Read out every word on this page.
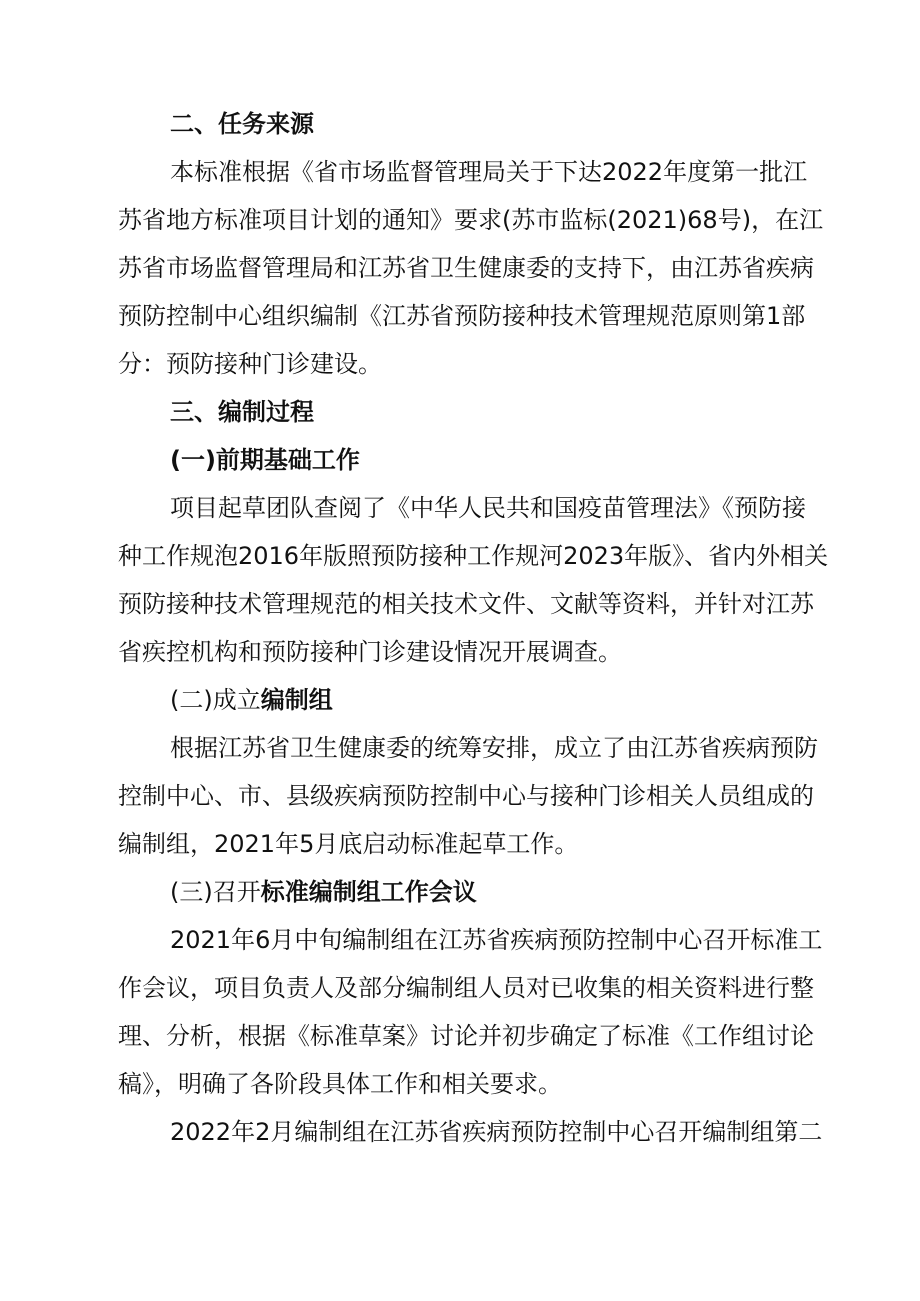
二、任务来源
本标准根据《省市场监督管理局关于下达2022年度第一批江
苏省地方标准项目计划的通知》要求(苏市监标(2021)68号)，在江
苏省市场监督管理局和江苏省卫生健康委的支持下，由江苏省疾病
预防控制中心组织编制《江苏省预防接种技术管理规范原则第1部
分：预防接种门诊建设。
三、编制过程
(一)前期基础工作
项目起草团队查阅了《中华人民共和国疫苗管理法》《预防接
种工作规泡2016年版照预防接种工作规河2023年版》、省内外相关
预防接种技术管理规范的相关技术文件、文献等资料，并针对江苏
省疾控机构和预防接种门诊建设情况开展调查。
(二)成立编制组
根据江苏省卫生健康委的统筹安排，成立了由江苏省疾病预防
控制中心、市、县级疾病预防控制中心与接种门诊相关人员组成的
编制组，2021年5月底启动标准起草工作。
(三)召开标准编制组工作会议
2021年6月中旬编制组在江苏省疾病预防控制中心召开标准工
作会议，项目负责人及部分编制组人员对已收集的相关资料进行整
理、分析，根据《标准草案》讨论并初步确定了标准《工作组讨论
稿》，明确了各阶段具体工作和相关要求。
2022年2月编制组在江苏省疾病预防控制中心召开编制组第二
